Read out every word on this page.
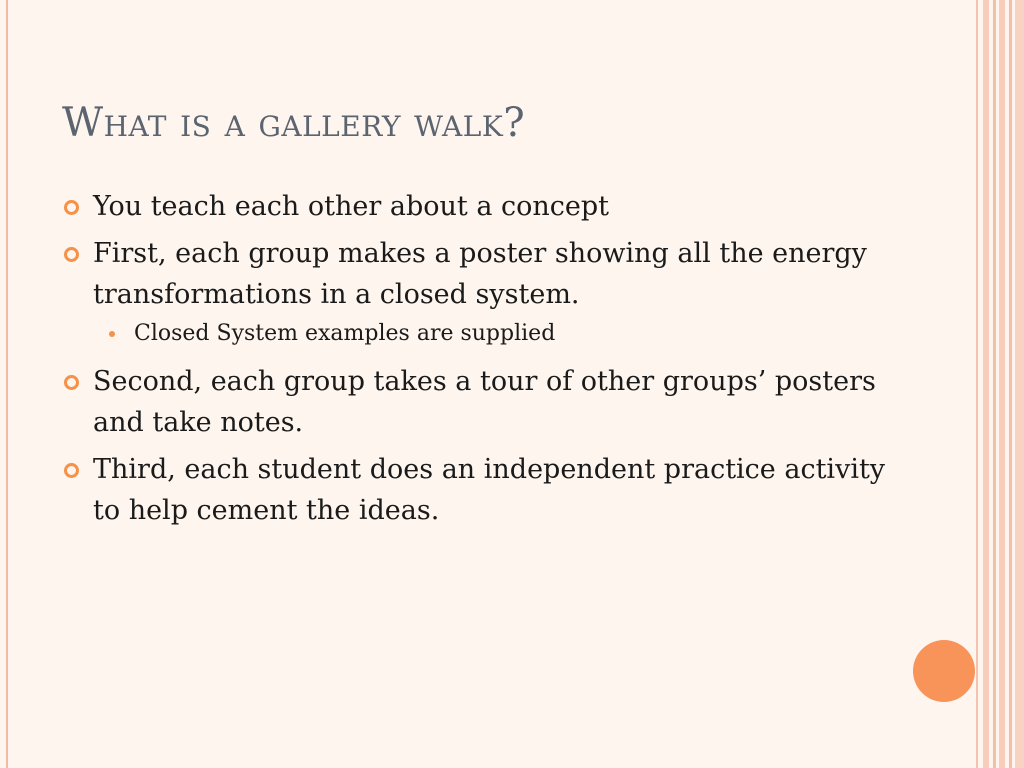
What is a gallery walk?
You teach each other about a concept
First, each group makes a poster showing all the energy transformations in a closed system.
Closed System examples are supplied
Second, each group takes a tour of other groups’ posters and take notes.
Third, each student does an independent practice activity to help cement the ideas.
